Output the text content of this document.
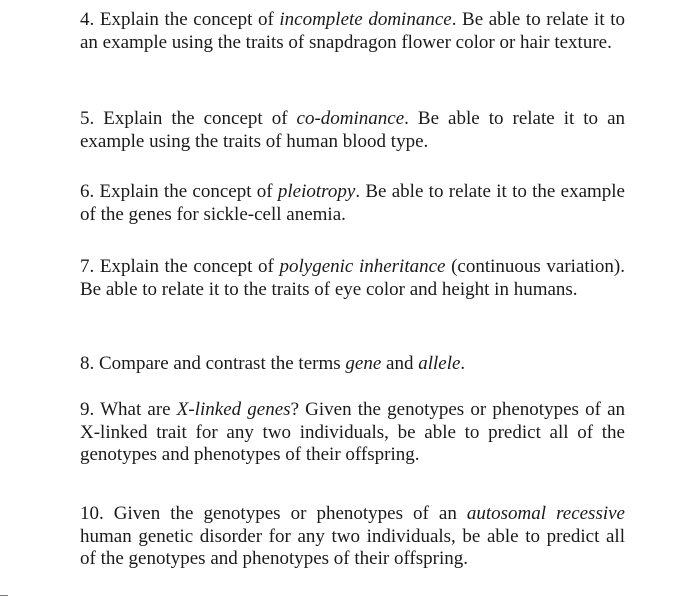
4. Explain the concept of incomplete dominance. Be able to relate it to an example using the traits of snapdragon flower color or hair texture.

5. Explain the concept of co-dominance. Be able to relate it to an example using the traits of human blood type.

6. Explain the concept of pleiotropy. Be able to relate it to the example of the genes for sickle-cell anemia.

7. Explain the concept of polygenic inheritance (continuous variation). Be able to relate it to the traits of eye color and height in humans.

8. Compare and contrast the terms gene and allele.

9. What are X-linked genes? Given the genotypes or phenotypes of an X-linked trait for any two individuals, be able to predict all of the genotypes and phenotypes of their offspring.

10. Given the genotypes or phenotypes of an autosomal recessive human genetic disorder for any two individuals, be able to predict all of the genotypes and phenotypes of their offspring.
